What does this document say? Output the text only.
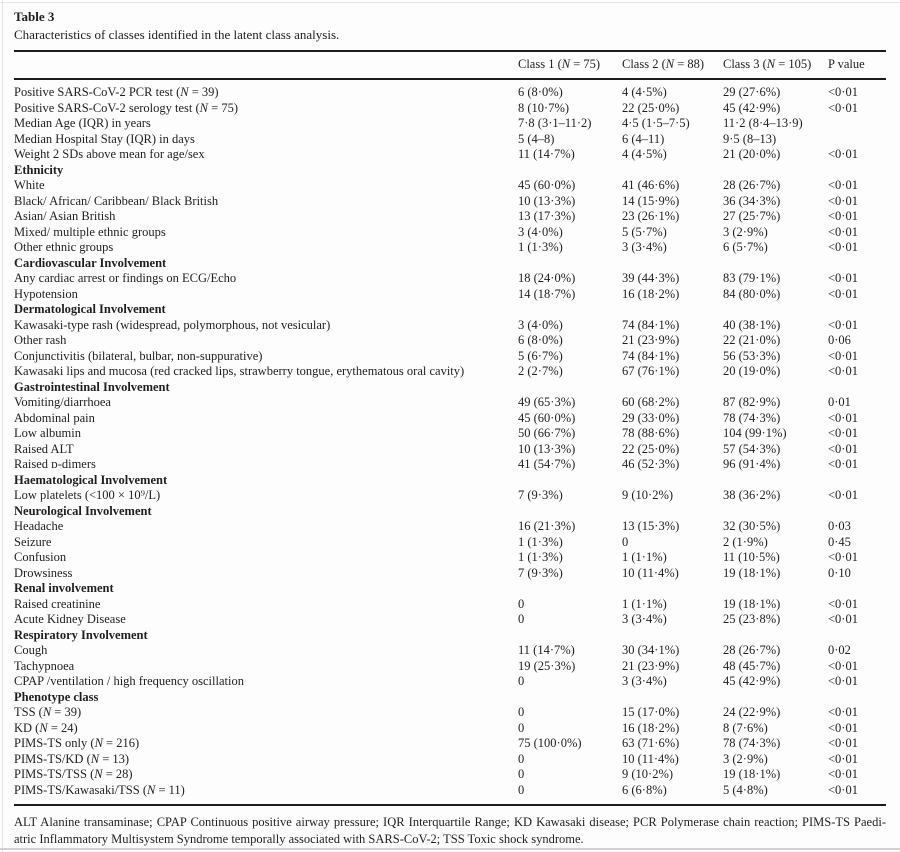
Table 3
Characteristics of classes identified in the latent class analysis.
Class 1 (N = 75)	Class 2 (N = 88)	Class 3 (N = 105)	P value
Positive SARS-CoV-2 PCR test (N = 39)	6 (8·0%)	4 (4·5%)	29 (27·6%)	<0·01
Positive SARS-CoV-2 serology test (N = 75)	8 (10·7%)	22 (25·0%)	45 (42·9%)	<0·01
Median Age (IQR) in years	7·8 (3·1–11·2)	4·5 (1·5–7·5)	11·2 (8·4–13·9)
Median Hospital Stay (IQR) in days	5 (4–8)	6 (4–11)	9·5 (8–13)
Weight 2 SDs above mean for age/sex	11 (14·7%)	4 (4·5%)	21 (20·0%)	<0·01
Ethnicity
White	45 (60·0%)	41 (46·6%)	28 (26·7%)	<0·01
Black/ African/ Caribbean/ Black British	10 (13·3%)	14 (15·9%)	36 (34·3%)	<0·01
Asian/ Asian British	13 (17·3%)	23 (26·1%)	27 (25·7%)	<0·01
Mixed/ multiple ethnic groups	3 (4·0%)	5 (5·7%)	3 (2·9%)	<0·01
Other ethnic groups	1 (1·3%)	3 (3·4%)	6 (5·7%)	<0·01
Cardiovascular Involvement
Any cardiac arrest or findings on ECG/Echo	18 (24·0%)	39 (44·3%)	83 (79·1%)	<0·01
Hypotension	14 (18·7%)	16 (18·2%)	84 (80·0%)	<0·01
Dermatological Involvement
Kawasaki-type rash (widespread, polymorphous, not vesicular)	3 (4·0%)	74 (84·1%)	40 (38·1%)	<0·01
Other rash	6 (8·0%)	21 (23·9%)	22 (21·0%)	0·06
Conjunctivitis (bilateral, bulbar, non-suppurative)	5 (6·7%)	74 (84·1%)	56 (53·3%)	<0·01
Kawasaki lips and mucosa (red cracked lips, strawberry tongue, erythematous oral cavity)	2 (2·7%)	67 (76·1%)	20 (19·0%)	<0·01
Gastrointestinal Involvement
Vomiting/diarrhoea	49 (65·3%)	60 (68·2%)	87 (82·9%)	0·01
Abdominal pain	45 (60·0%)	29 (33·0%)	78 (74·3%)	<0·01
Low albumin	50 (66·7%)	78 (88·6%)	104 (99·1%)	<0·01
Raised ALT	10 (13·3%)	22 (25·0%)	57 (54·3%)	<0·01
Raised ᴅ-dimers	41 (54·7%)	46 (52·3%)	96 (91·4%)	<0·01
Haematological Involvement
Low platelets (<100 × 10⁹/L)	7 (9·3%)	9 (10·2%)	38 (36·2%)	<0·01
Neurological Involvement
Headache	16 (21·3%)	13 (15·3%)	32 (30·5%)	0·03
Seizure	1 (1·3%)	0	2 (1·9%)	0·45
Confusion	1 (1·3%)	1 (1·1%)	11 (10·5%)	<0·01
Drowsiness	7 (9·3%)	10 (11·4%)	19 (18·1%)	0·10
Renal involvement
Raised creatinine	0	1 (1·1%)	19 (18·1%)	<0·01
Acute Kidney Disease	0	3 (3·4%)	25 (23·8%)	<0·01
Respiratory Involvement
Cough	11 (14·7%)	30 (34·1%)	28 (26·7%)	0·02
Tachypnoea	19 (25·3%)	21 (23·9%)	48 (45·7%)	<0·01
CPAP /ventilation / high frequency oscillation	0	3 (3·4%)	45 (42·9%)	<0·01
Phenotype class
TSS (N = 39)	0	15 (17·0%)	24 (22·9%)	<0·01
KD (N = 24)	0	16 (18·2%)	8 (7·6%)	<0·01
PIMS-TS only (N = 216)	75 (100·0%)	63 (71·6%)	78 (74·3%)	<0·01
PIMS-TS/KD (N = 13)	0	10 (11·4%)	3 (2·9%)	<0·01
PIMS-TS/TSS (N = 28)	0	9 (10·2%)	19 (18·1%)	<0·01
PIMS-TS/Kawasaki/TSS (N = 11)	0	6 (6·8%)	5 (4·8%)	<0·01
ALT Alanine transaminase; CPAP Continuous positive airway pressure; IQR Interquartile Range; KD Kawasaki disease; PCR Polymerase chain reaction; PIMS-TS Paedi-
atric Inflammatory Multisystem Syndrome temporally associated with SARS-CoV-2; TSS Toxic shock syndrome.
